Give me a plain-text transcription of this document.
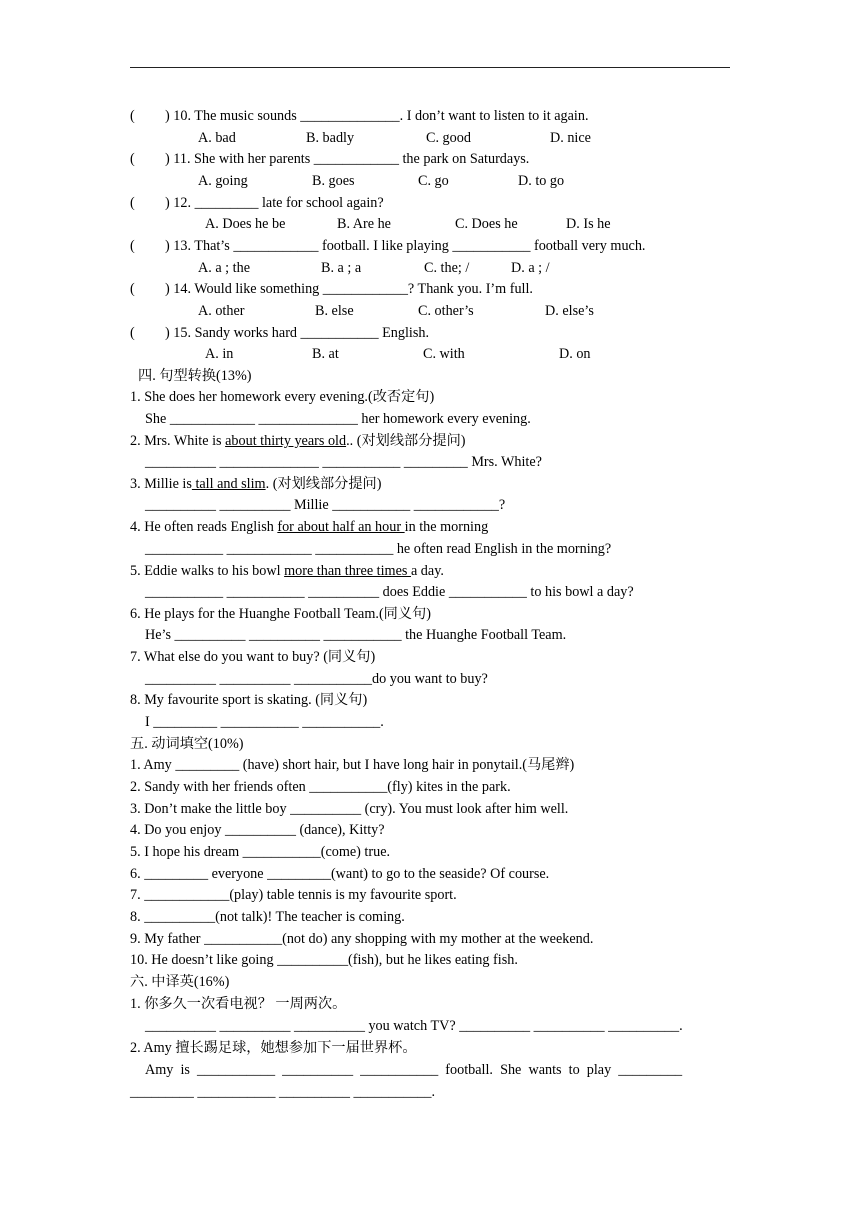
( ) 10. The music sounds ______________. I don’t want to listen to it again.
A. bad	B. badly	C. good	D. nice
( ) 11. She with her parents ____________ the park on Saturdays.
A. going	B. goes	C. go	D. to go
( ) 12. _________ late for school again?
A. Does he be	B. Are he	C. Does he	D. Is he
( ) 13. That’s ____________ football. I like playing ___________ football very much.
A. a ; the	B. a ; a	C. the; /	D. a ; /
( ) 14. Would like something ____________? Thank you. I’m full.
A. other	B. else	C. other’s	D. else’s
( ) 15. Sandy works hard ___________ English.
A. in	B. at	C. with	D. on
四. 句型转换(13%)
1. She does her homework every evening.(改否定句)
She ____________ ______________ her homework every evening.
2. Mrs. White is about thirty years old.. (对划线部分提问)
__________ ______________ ___________ _________ Mrs. White?
3. Millie is tall and slim. (对划线部分提问)
__________ __________ Millie ___________ ____________?
4. He often reads English for about half an hour in the morning
___________ ____________ ___________ he often read English in the morning?
5. Eddie walks to his bowl more than three times a day.
___________ ___________ __________ does Eddie ___________ to his bowl a day?
6. He plays for the Huanghe Football Team.(同义句)
He’s __________ __________ ___________ the Huanghe Football Team.
7. What else do you want to buy? (同义句)
__________ __________ ___________do you want to buy?
8. My favourite sport is skating. (同义句)
I _________ ___________ ___________.
五. 动词填空(10%)
1. Amy _________ (have) short hair, but I have long hair in ponytail.(马尾辫)
2. Sandy with her friends often ___________(fly) kites in the park.
3. Don’t make the little boy __________ (cry). You must look after him well.
4. Do you enjoy __________ (dance), Kitty?
5. I hope his dream ___________(come) true.
6. _________ everyone _________(want) to go to the seaside? Of course.
7. ____________(play) table tennis is my favourite sport.
8. __________(not talk)! The teacher is coming.
9. My father ___________(not do) any shopping with my mother at the weekend.
10. He doesn’t like going __________(fish), but he likes eating fish.
六. 中译英(16%)
1. 你多久一次看电视？ 一周两次。
__________ __________ __________ you watch TV? __________ __________ __________.
2. Amy 擅长踢足球，她想参加下一届世界杯。
Amy  is  ___________  __________  ___________  football.  She  wants  to  play  _________
_________ ___________ __________ ___________.
